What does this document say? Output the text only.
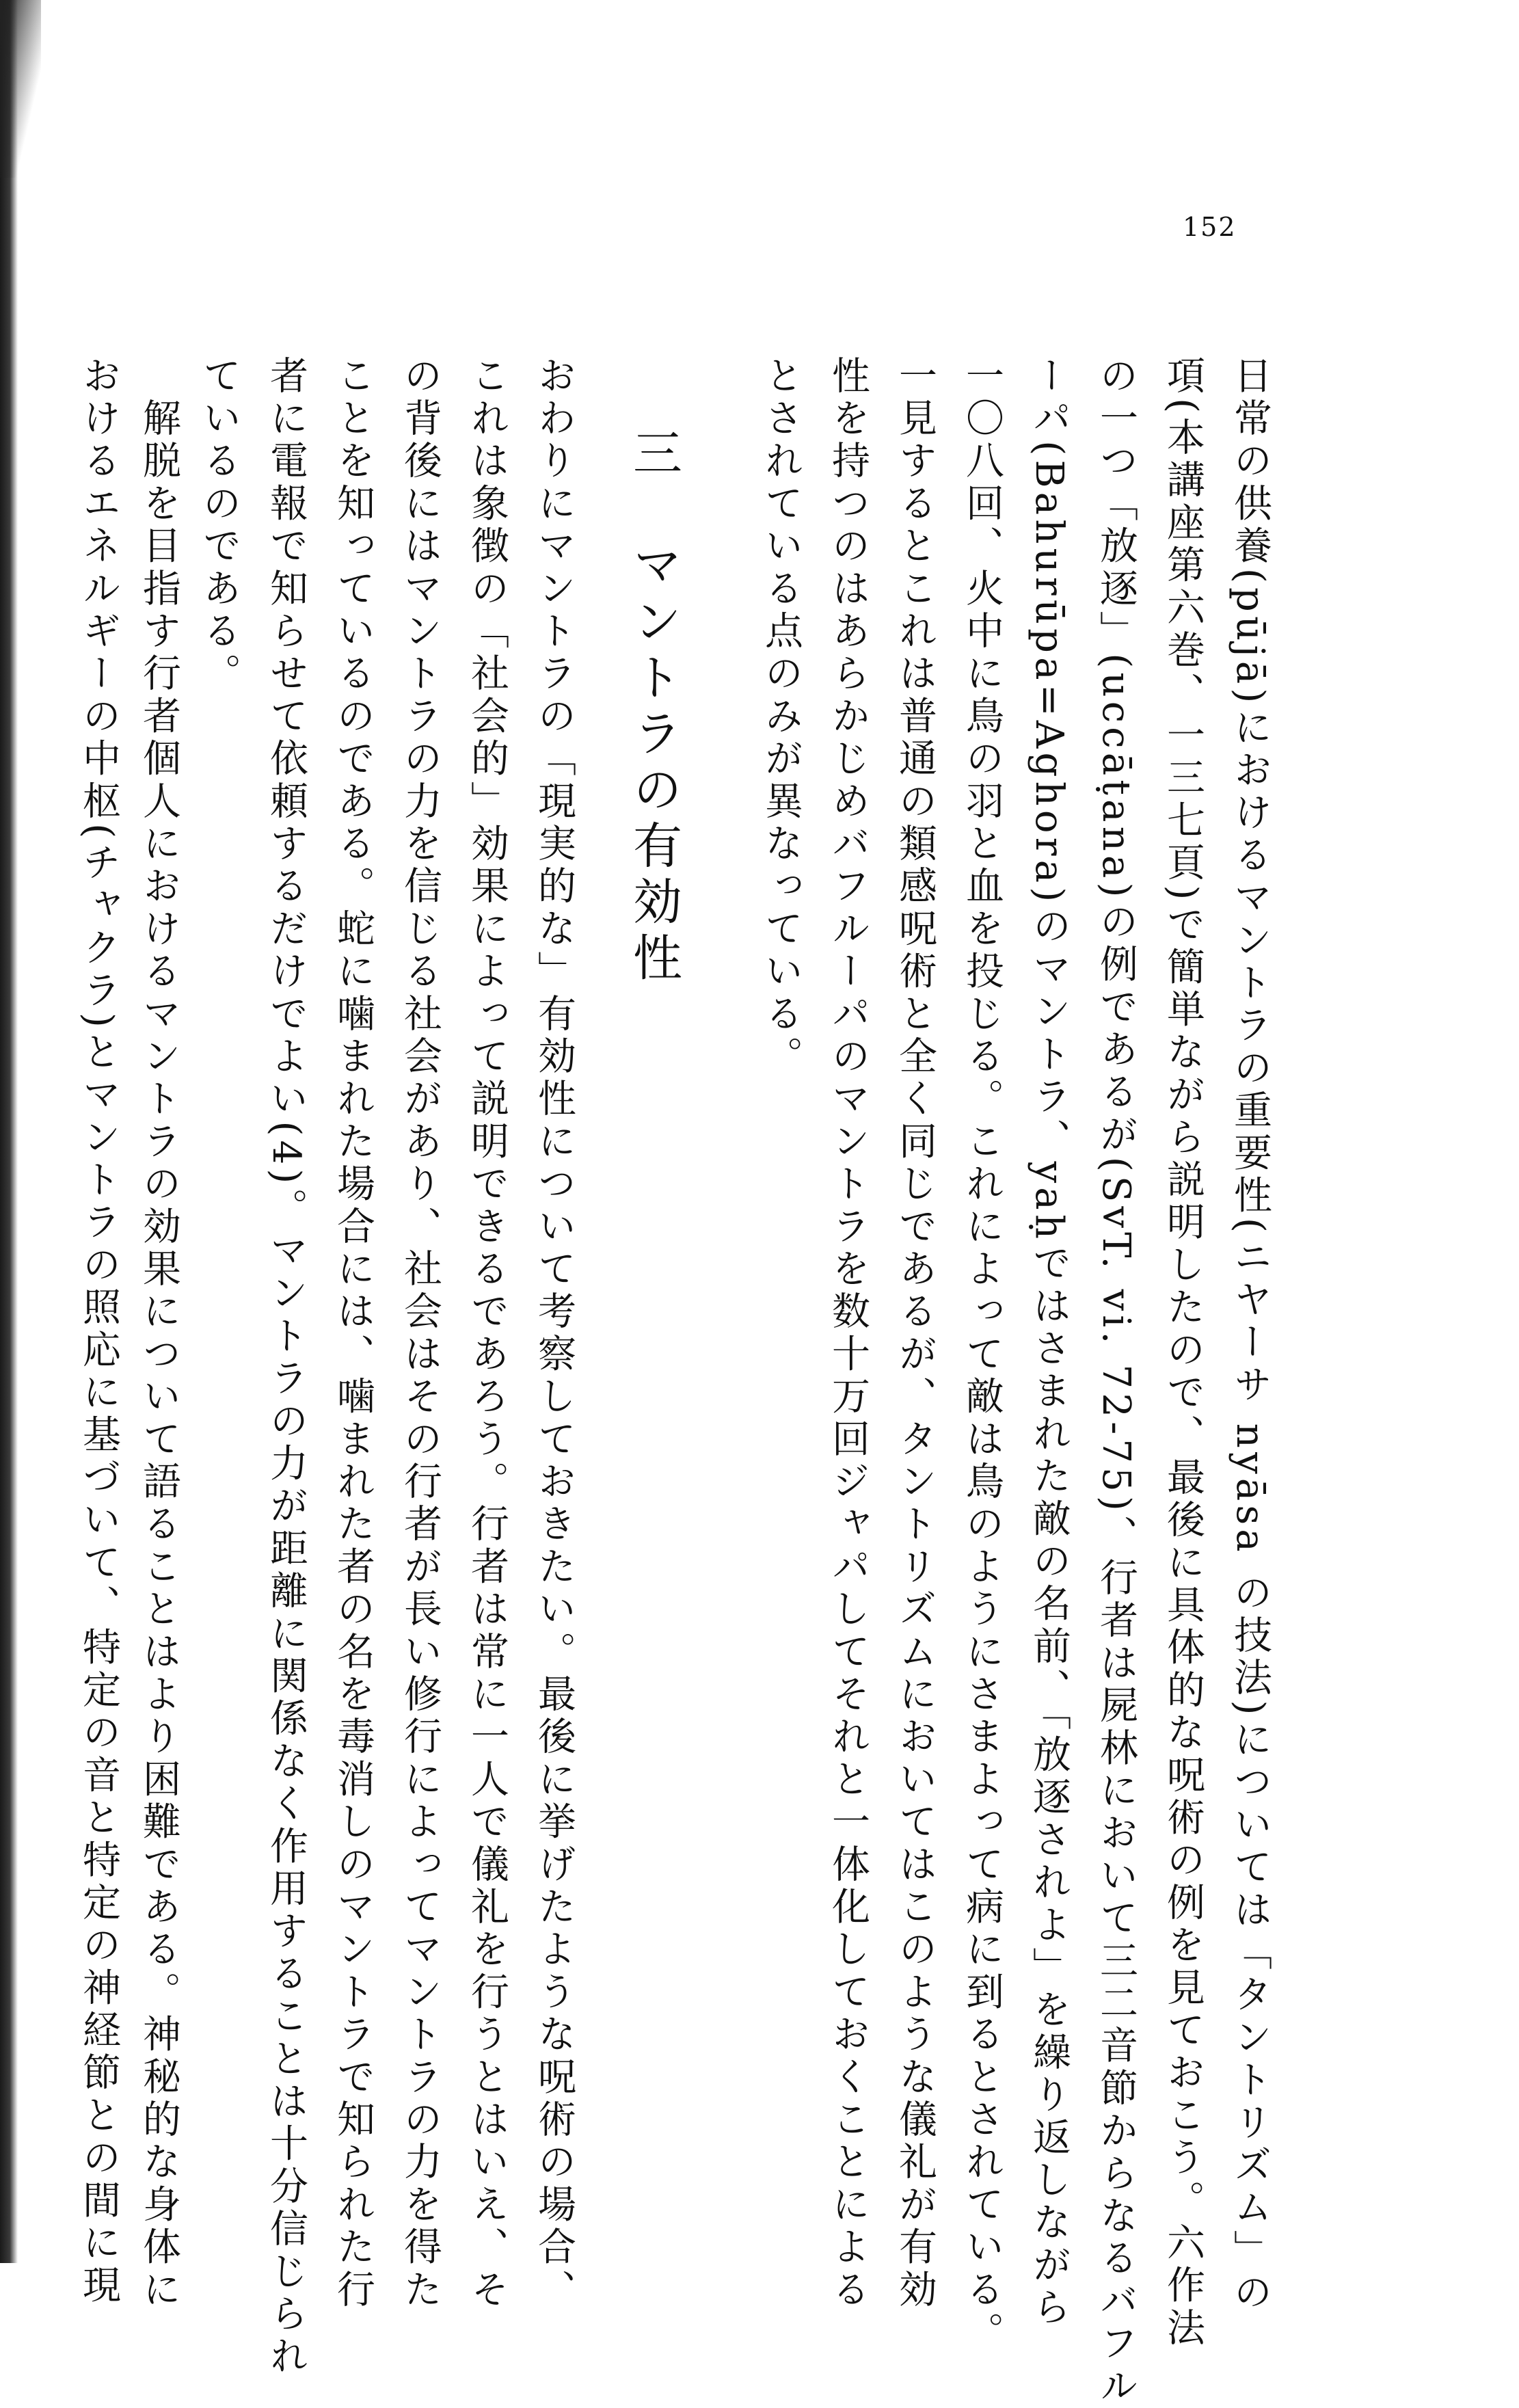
152
日常の供養(pūjā)におけるマントラの重要性(ニヤーサ nyāsa の技法)については「タントリズム」の
項(本講座第六巻、一三七頁)で簡単ながら説明したので、最後に具体的な呪術の例を見ておこう。六作法
の一つ「放逐」(uccāṭana)の例であるが(SvT. vi. 72-75)、行者は屍林において三二音節からなるバフル
ーパ(Bahurūpa=Aghora)のマントラ、yaḥではさまれた敵の名前、「放逐されよ」を繰り返しながら
一〇八回、火中に鳥の羽と血を投じる。これによって敵は鳥のようにさまよって病に到るとされている。
一見するとこれは普通の類感呪術と全く同じであるが、タントリズムにおいてはこのような儀礼が有効
性を持つのはあらかじめバフルーパのマントラを数十万回ジャパしてそれと一体化しておくことによる
とされている点のみが異なっている。
三　マントラの有効性
おわりにマントラの「現実的な」有効性について考察しておきたい。最後に挙げたような呪術の場合、
これは象徴の「社会的」効果によって説明できるであろう。行者は常に一人で儀礼を行うとはいえ、そ
の背後にはマントラの力を信じる社会があり、社会はその行者が長い修行によってマントラの力を得た
ことを知っているのである。蛇に噛まれた場合には、噛まれた者の名を毒消しのマントラで知られた行
者に電報で知らせて依頼するだけでよい(4)。マントラの力が距離に関係なく作用することは十分信じられ
ているのである。
　解脱を目指す行者個人におけるマントラの効果について語ることはより困難である。神秘的な身体に
おけるエネルギーの中枢(チャクラ)とマントラの照応に基づいて、特定の音と特定の神経節との間に現
